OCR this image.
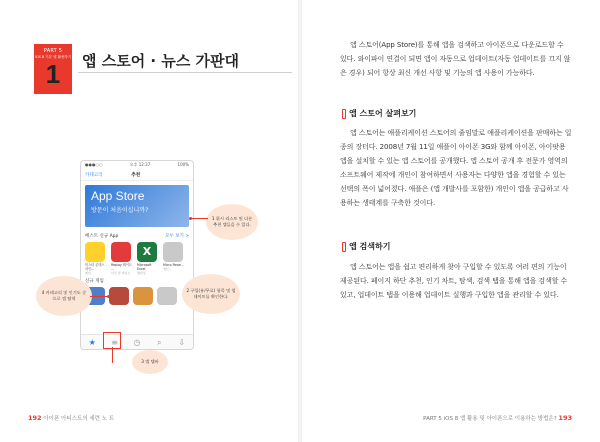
PART 5
iOS 8 기본 앱 활용하기
1	앱 스토어 · 뉴스 가판대
●●●○○	오후 12:37	100%
카테고리	추천
App Store
방문이 처음이십니까?
베스트 신규 App	모두 보기 >
미스터 콘덱스 - 마인...
게임
Replay 레이트 ...
사진 및 비디오
X
Microsoft Excel
생산성
Micro Powe...
생산...
신규 게임
★ ≡ ◷	⌕	⇩
1 위시 리스트 및 다른 추천 앱들을 수 있다.
2 구입(유/무료) 항목 및 업데이트를 확인한다.
3 앱 탭바
4 카테고리 및 인기도 순으로 앱 탐색
192 아이폰 아티스트의 세련 노 트
앱 스토어(App Store)를 통해 앱을 검색하고 아이폰으로 다운로드할 수 있다. 와이파이 연결이 되면 앱이 자동으로 업데이트(자동 업데이트를 끄지 않은 경우) 되어 항상 최신 개선 사항 및 기능의 앱 사용이 가능하다.
앱 스토어 살펴보기
앱 스토어는 애플리케이션 스토어의 줄임말로 애플리케이션을 판매하는 일종의 장터다. 2008년 7월 11일 애플이 아이폰 3G와 함께 아이폰, 아이팟용 앱을 설치할 수 있는 앱 스토어를 공개했다. 앱 스토어 공개 후 전문가 영역의 소프트웨어 제작에 개인이 참여하면서 사용자는 다양한 앱을 경험할 수 있는 선택의 폭이 넓어졌다. 애플은 (앱 개발사를 포함한) 개인이 앱을 공급하고 사용하는 생태계를 구축한 것이다.
앱 검색하기
앱 스토어는 앱을 쉽고 편리하게 찾아 구입할 수 있도록 여러 편의 기능이 제공된다. 페이지 하단 추천, 인기 차트, 탐색, 검색 탭을 통해 앱을 검색할 수 있고, 업데이트 탭을 이용해 업데이트 실행과 구입한 앱을 관리할 수 있다.
PART 5 iOS 8 앱 활용 및 아이폰으로 이용하는 방법은? 193
